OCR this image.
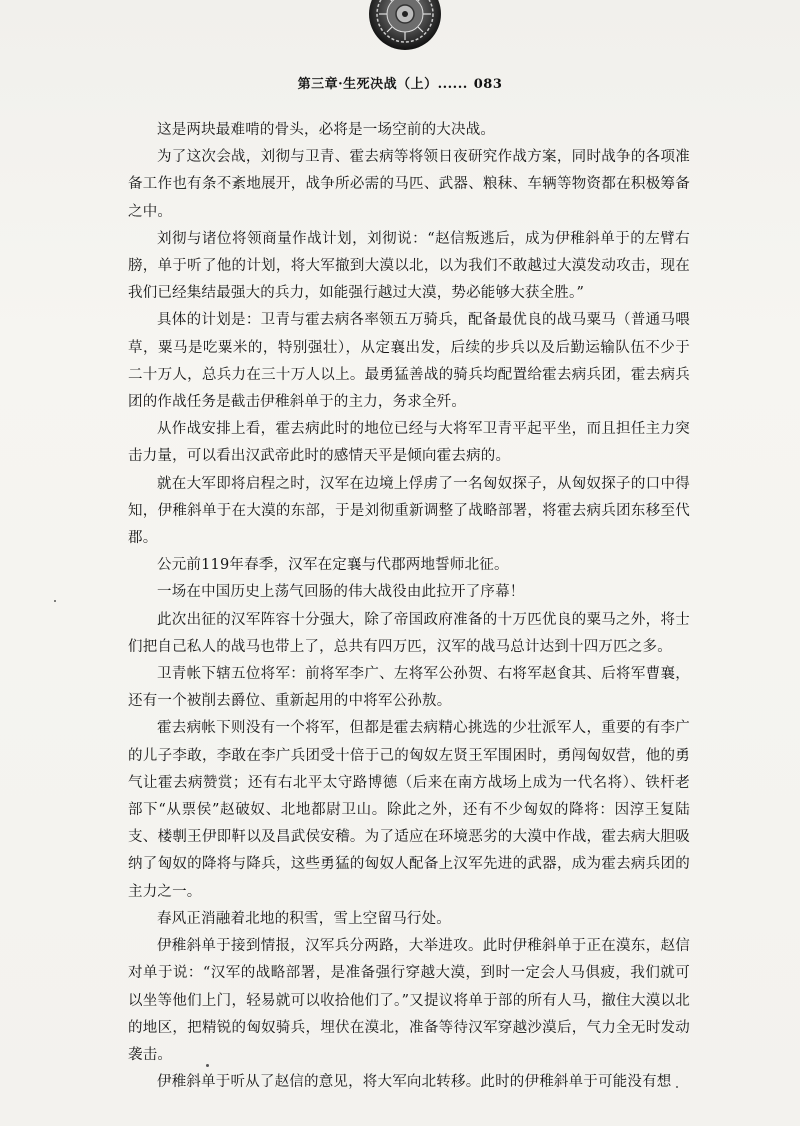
第三章·生死决战（上）...... 083

这是两块最难啃的骨头，必将是一场空前的大决战。

为了这次会战，刘彻与卫青、霍去病等将领日夜研究作战方案，同时战争的各项准备工作也有条不紊地展开，战争所必需的马匹、武器、粮秣、车辆等物资都在积极筹备之中。

刘彻与诸位将领商量作战计划，刘彻说：“赵信叛逃后，成为伊稚斜单于的左臂右膀，单于听了他的计划，将大军撤到大漠以北，以为我们不敢越过大漠发动攻击，现在我们已经集结最强大的兵力，如能强行越过大漠，势必能够大获全胜。”

具体的计划是：卫青与霍去病各率领五万骑兵，配备最优良的战马粟马（普通马喂草，粟马是吃粟米的，特别强壮），从定襄出发，后续的步兵以及后勤运输队伍不少于二十万人，总兵力在三十万人以上。最勇猛善战的骑兵均配置给霍去病兵团，霍去病兵团的作战任务是截击伊稚斜单于的主力，务求全歼。

从作战安排上看，霍去病此时的地位已经与大将军卫青平起平坐，而且担任主力突击力量，可以看出汉武帝此时的感情天平是倾向霍去病的。

就在大军即将启程之时，汉军在边境上俘虏了一名匈奴探子，从匈奴探子的口中得知，伊稚斜单于在大漠的东部，于是刘彻重新调整了战略部署，将霍去病兵团东移至代郡。

公元前119年春季，汉军在定襄与代郡两地誓师北征。

一场在中国历史上荡气回肠的伟大战役由此拉开了序幕！

此次出征的汉军阵容十分强大，除了帝国政府准备的十万匹优良的粟马之外，将士们把自己私人的战马也带上了，总共有四万匹，汉军的战马总计达到十四万匹之多。

卫青帐下辖五位将军：前将军李广、左将军公孙贺、右将军赵食其、后将军曹襄，还有一个被削去爵位、重新起用的中将军公孙敖。

霍去病帐下则没有一个将军，但都是霍去病精心挑选的少壮派军人，重要的有李广的儿子李敢，李敢在李广兵团受十倍于己的匈奴左贤王军围困时，勇闯匈奴营，他的勇气让霍去病赞赏；还有右北平太守路博德（后来在南方战场上成为一代名将）、铁杆老部下“从票侯”赵破奴、北地都尉卫山。除此之外，还有不少匈奴的降将：因淳王复陆支、楼剸王伊即靬以及昌武侯安稽。为了适应在环境恶劣的大漠中作战，霍去病大胆吸纳了匈奴的降将与降兵，这些勇猛的匈奴人配备上汉军先进的武器，成为霍去病兵团的主力之一。

春风正消融着北地的积雪，雪上空留马行处。

伊稚斜单于接到情报，汉军兵分两路，大举进攻。此时伊稚斜单于正在漠东，赵信对单于说：“汉军的战略部署，是准备强行穿越大漠，到时一定会人马俱疲，我们就可以坐等他们上门，轻易就可以收拾他们了。”又提议将单于部的所有人马，撤住大漠以北的地区，把精锐的匈奴骑兵，埋伏在漠北，准备等待汉军穿越沙漠后，气力全无时发动袭击。

伊稚斜单于听从了赵信的意见，将大军向北转移。此时的伊稚斜单于可能没有想
